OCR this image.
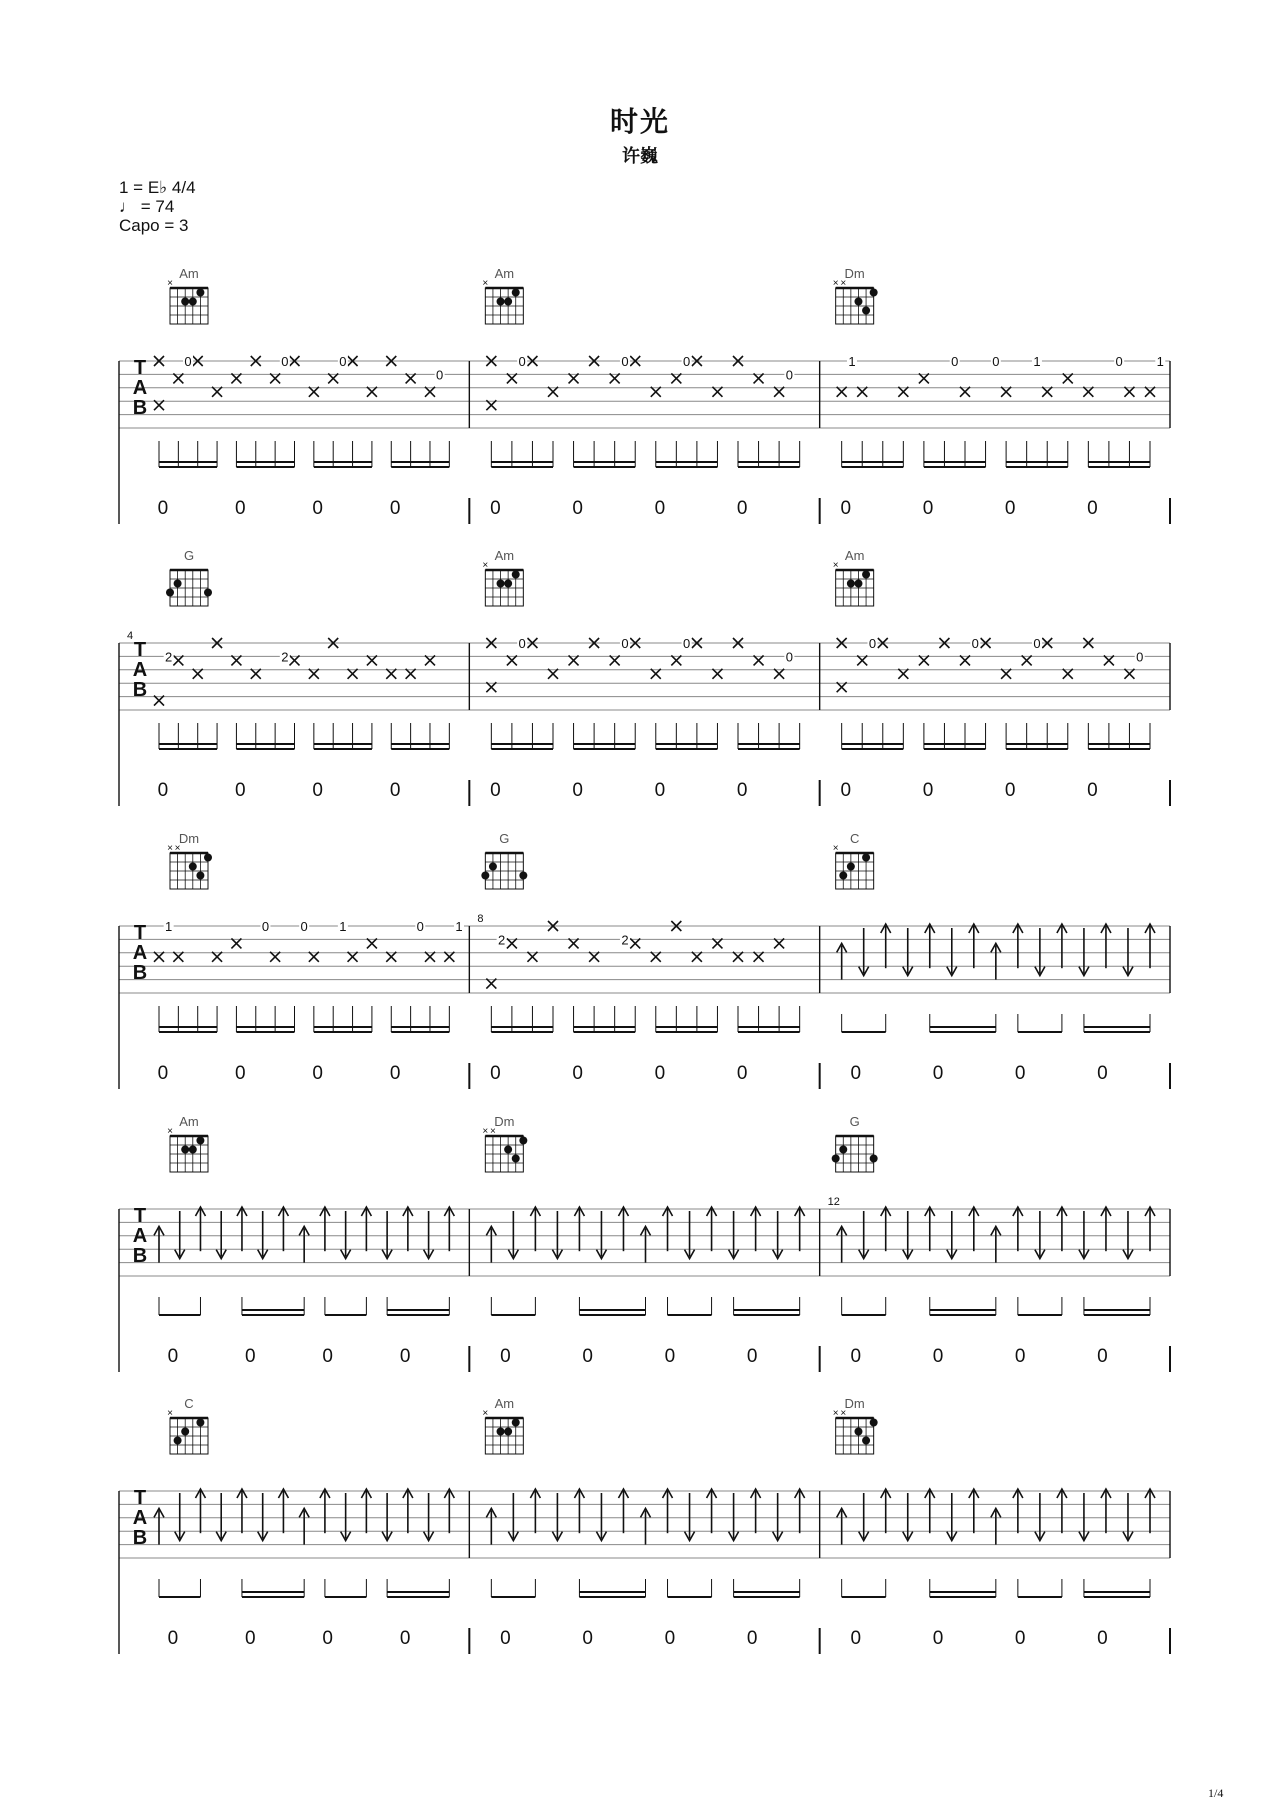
时光
许巍
1 = E♭ 4/4
♩ = 74
Capo = 3
T
A
B
Am
×
0	0	0
0
0	0	0	0
Am
×
0	0	0
0
0	0	0	0
Dm
×
×
1	0	0	1	0	1
0	0	0	0
T
A
B
G
4
2	2
0	0	0	0
Am
×
0	0	0
0
0	0	0	0
Am
×
0	0	0
0
0	0	0	0
T
A
B
Dm
×
×
1	0 0 1	0 1
0	0	0	0
G
8
2	2
0	0	0	0
C
×
0	0	0	0
T
A
B
Am
×
0	0	0	0
Dm
×
×
0	0	0	0
G
12
0	0	0	0
T
A
B
C
×
0	0	0	0
Am
×
0	0	0	0
Dm
×
×
0	0	0	0
1/4
